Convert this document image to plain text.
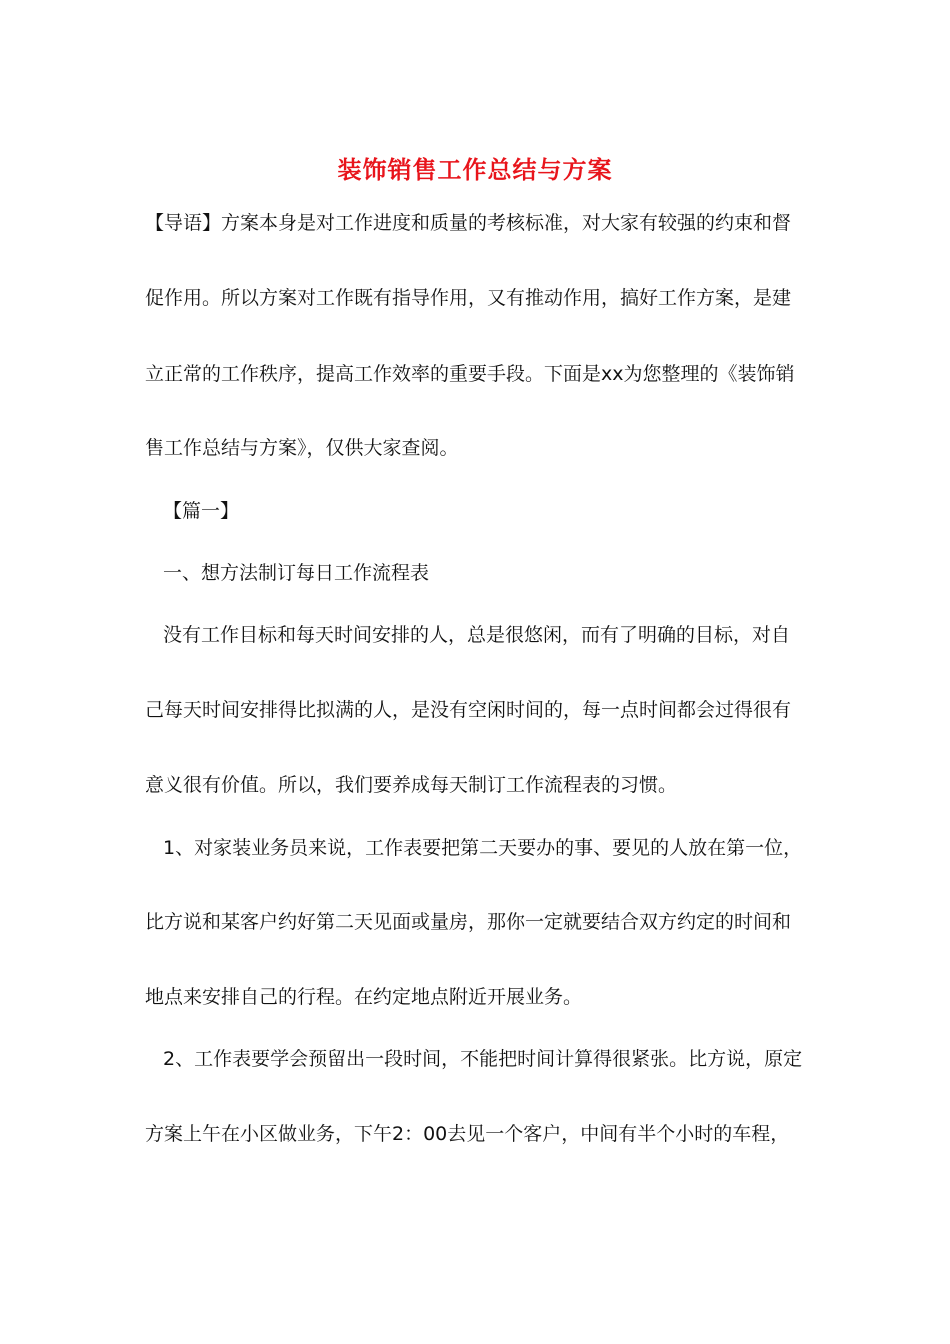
装饰销售工作总结与方案
【导语】方案本身是对工作进度和质量的考核标准，对大家有较强的约束和督
促作用。所以方案对工作既有指导作用，又有推动作用，搞好工作方案，是建
立正常的工作秩序，提高工作效率的重要手段。下面是xx为您整理的《装饰销
售工作总结与方案》，仅供大家查阅。
【篇一】
一、想方法制订每日工作流程表
没有工作目标和每天时间安排的人，总是很悠闲，而有了明确的目标，对自
己每天时间安排得比拟满的人，是没有空闲时间的，每一点时间都会过得很有
意义很有价值。所以，我们要养成每天制订工作流程表的习惯。
1、对家装业务员来说，工作表要把第二天要办的事、要见的人放在第一位，
比方说和某客户约好第二天见面或量房，那你一定就要结合双方约定的时间和
地点来安排自己的行程。在约定地点附近开展业务。
2、工作表要学会预留出一段时间，不能把时间计算得很紧张。比方说，原定
方案上午在小区做业务，下午2：00去见一个客户，中间有半个小时的车程，
